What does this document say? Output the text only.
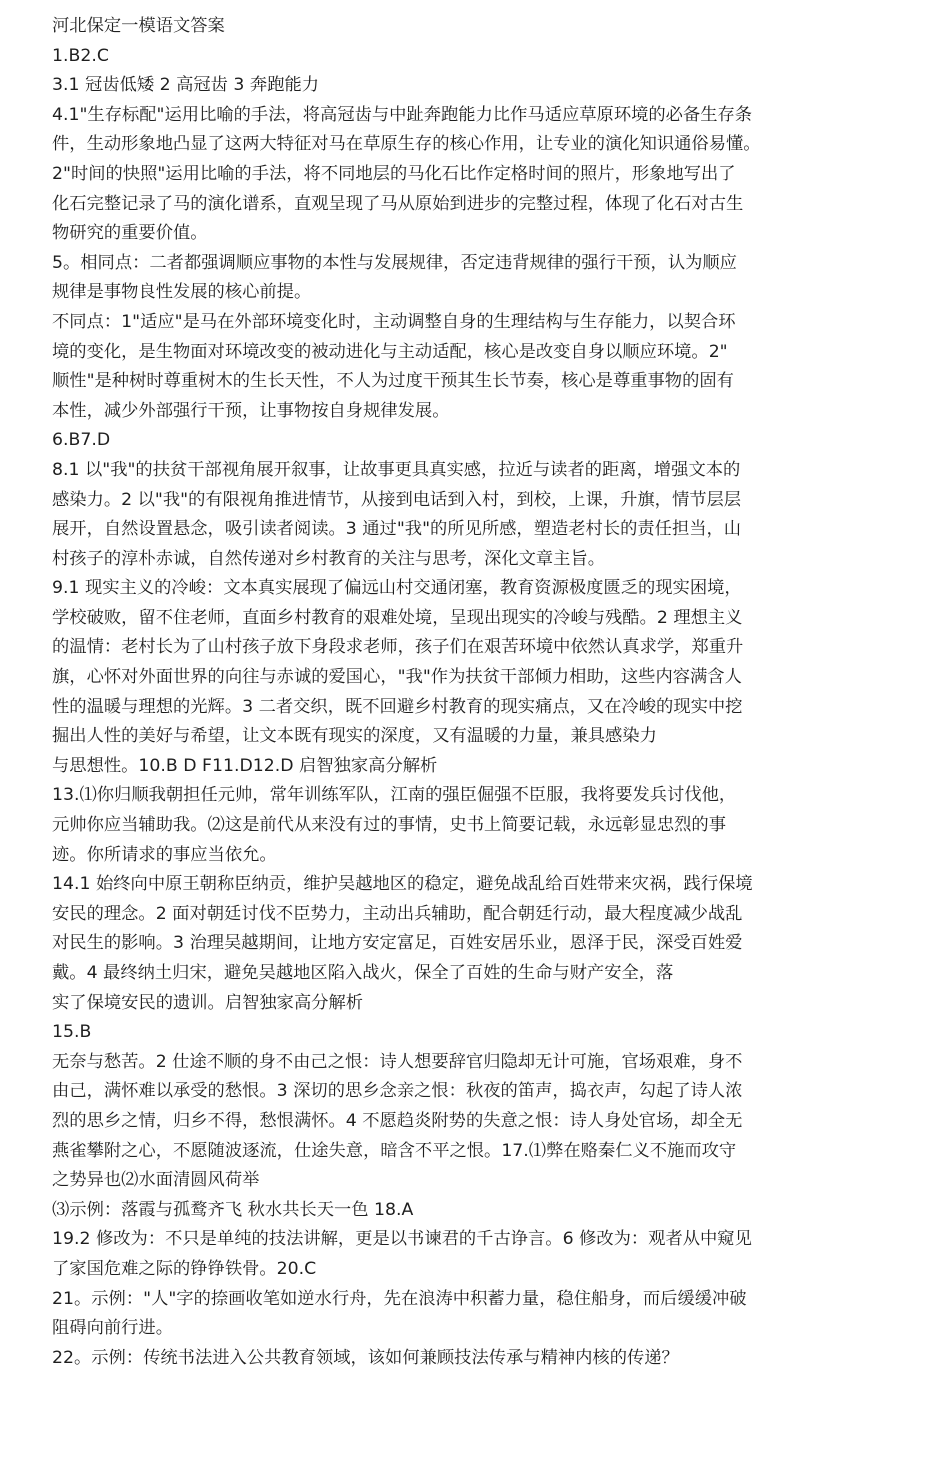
河北保定一模语文答案
1.B2.C
3.1 冠齿低矮 2 高冠齿 3 奔跑能力
4.1"生存标配"运用比喻的手法，将高冠齿与中趾奔跑能力比作马适应草原环境的必备生存条
件，生动形象地凸显了这两大特征对马在草原生存的核心作用，让专业的演化知识通俗易懂。
2"时间的快照"运用比喻的手法，将不同地层的马化石比作定格时间的照片，形象地写出了
化石完整记录了马的演化谱系，直观呈现了马从原始到进步的完整过程，体现了化石对古生
物研究的重要价值。
5。相同点：二者都强调顺应事物的本性与发展规律，否定违背规律的强行干预，认为顺应
规律是事物良性发展的核心前提。
不同点：1"适应"是马在外部环境变化时，主动调整自身的生理结构与生存能力，以契合环
境的变化，是生物面对环境改变的被动进化与主动适配，核心是改变自身以顺应环境。2"
顺性"是种树时尊重树木的生长天性，不人为过度干预其生长节奏，核心是尊重事物的固有
本性，减少外部强行干预，让事物按自身规律发展。
6.B7.D
8.1 以"我"的扶贫干部视角展开叙事，让故事更具真实感，拉近与读者的距离，增强文本的
感染力。2 以"我"的有限视角推进情节，从接到电话到入村，到校，上课，升旗，情节层层
展开，自然设置悬念，吸引读者阅读。3 通过"我"的所见所感，塑造老村长的责任担当，山
村孩子的淳朴赤诚，自然传递对乡村教育的关注与思考，深化文章主旨。
9.1 现实主义的冷峻：文本真实展现了偏远山村交通闭塞，教育资源极度匮乏的现实困境，
学校破败，留不住老师，直面乡村教育的艰难处境，呈现出现实的冷峻与残酷。2 理想主义
的温情：老村长为了山村孩子放下身段求老师，孩子们在艰苦环境中依然认真求学，郑重升
旗，心怀对外面世界的向往与赤诚的爱国心，"我"作为扶贫干部倾力相助，这些内容满含人
性的温暖与理想的光辉。3 二者交织，既不回避乡村教育的现实痛点，又在冷峻的现实中挖
掘出人性的美好与希望，让文本既有现实的深度，又有温暖的力量，兼具感染力
与思想性。10.B D F11.D12.D 启智独家高分解析
13.⑴你归顺我朝担任元帅，常年训练军队，江南的强臣倔强不臣服，我将要发兵讨伐他，
元帅你应当辅助我。⑵这是前代从来没有过的事情，史书上简要记载，永远彰显忠烈的事
迹。你所请求的事应当依允。
14.1 始终向中原王朝称臣纳贡，维护吴越地区的稳定，避免战乱给百姓带来灾祸，践行保境
安民的理念。2 面对朝廷讨伐不臣势力，主动出兵辅助，配合朝廷行动，最大程度减少战乱
对民生的影响。3 治理吴越期间，让地方安定富足，百姓安居乐业，恩泽于民，深受百姓爱
戴。4 最终纳土归宋，避免吴越地区陷入战火，保全了百姓的生命与财产安全，落
实了保境安民的遗训。启智独家高分解析
15.B
无奈与愁苦。2 仕途不顺的身不由己之恨：诗人想要辞官归隐却无计可施，官场艰难，身不
由己，满怀难以承受的愁恨。3 深切的思乡念亲之恨：秋夜的笛声，捣衣声，勾起了诗人浓
烈的思乡之情，归乡不得，愁恨满怀。4 不愿趋炎附势的失意之恨：诗人身处官场，却全无
燕雀攀附之心，不愿随波逐流，仕途失意，暗含不平之恨。17.⑴弊在赂秦仁义不施而攻守
之势异也⑵水面清圆风荷举
⑶示例：落霞与孤鹜齐飞 秋水共长天一色 18.A
19.2 修改为：不只是单纯的技法讲解，更是以书谏君的千古诤言。6 修改为：观者从中窥见
了家国危难之际的铮铮铁骨。20.C
21。示例："人"字的捺画收笔如逆水行舟，先在浪涛中积蓄力量，稳住船身，而后缓缓冲破
阻碍向前行进。
22。示例：传统书法进入公共教育领域，该如何兼顾技法传承与精神内核的传递？
